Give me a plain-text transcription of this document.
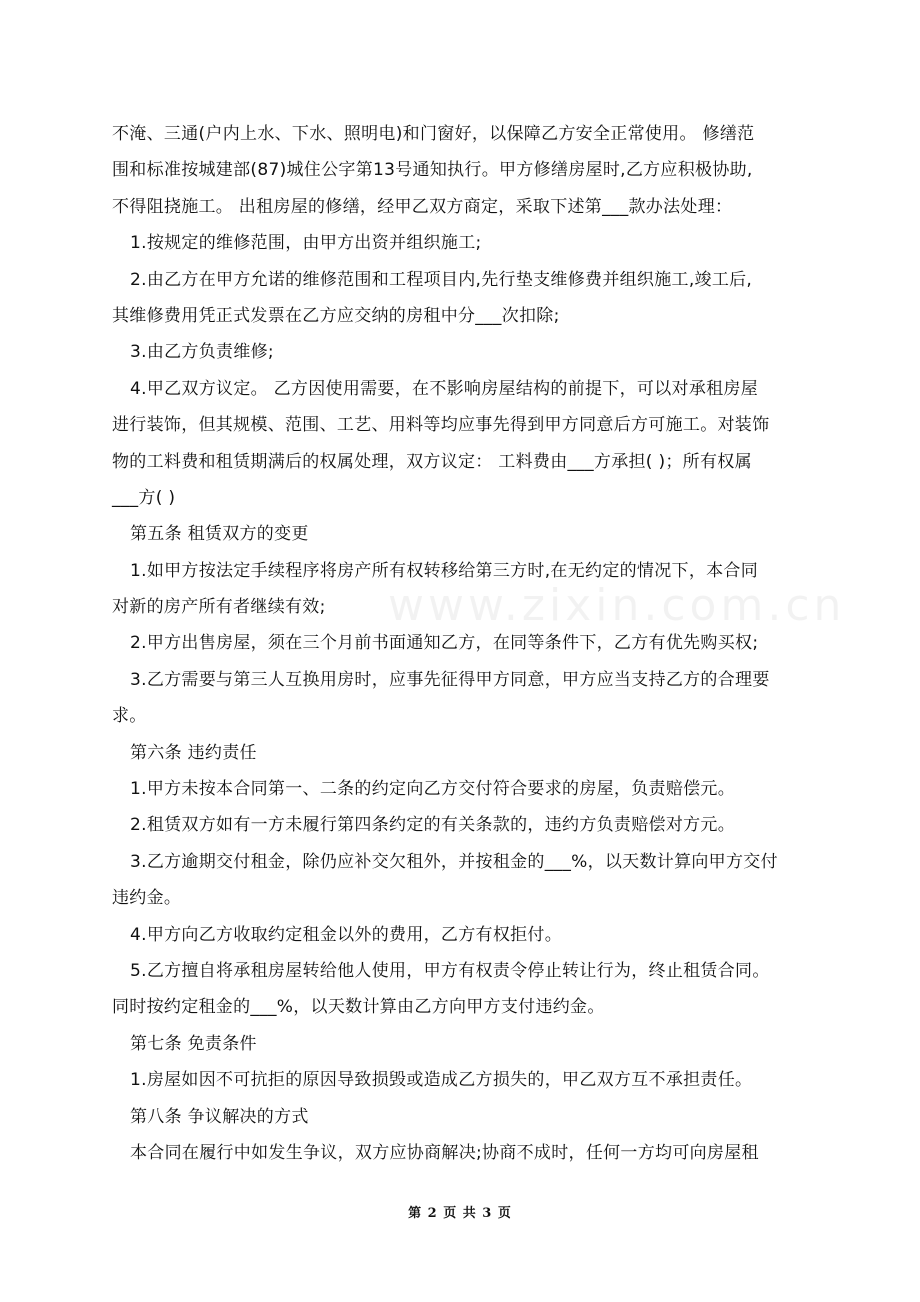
www.zixin.com.cn
不淹、三通(户内上水、下水、照明电)和门窗好，以保障乙方安全正常使用。 修缮范
围和标准按城建部(87)城住公字第13号通知执行。甲方修缮房屋时,乙方应积极协助,
不得阻挠施工。 出租房屋的修缮，经甲乙双方商定，采取下述第___款办法处理：
1.按规定的维修范围，由甲方出资并组织施工;
2.由乙方在甲方允诺的维修范围和工程项目内,先行垫支维修费并组织施工,竣工后,
其维修费用凭正式发票在乙方应交纳的房租中分___次扣除;
3.由乙方负责维修;
4.甲乙双方议定。 乙方因使用需要，在不影响房屋结构的前提下，可以对承租房屋
进行装饰，但其规模、范围、工艺、用料等均应事先得到甲方同意后方可施工。对装饰
物的工料费和租赁期满后的权属处理，双方议定： 工料费由___方承担( )；所有权属
___方( )
第五条 租赁双方的变更
1.如甲方按法定手续程序将房产所有权转移给第三方时,在无约定的情况下，本合同
对新的房产所有者继续有效;
2.甲方出售房屋，须在三个月前书面通知乙方，在同等条件下，乙方有优先购买权;
3.乙方需要与第三人互换用房时，应事先征得甲方同意，甲方应当支持乙方的合理要
求。
第六条 违约责任
1.甲方未按本合同第一、二条的约定向乙方交付符合要求的房屋，负责赔偿元。
2.租赁双方如有一方未履行第四条约定的有关条款的，违约方负责赔偿对方元。
3.乙方逾期交付租金，除仍应补交欠租外，并按租金的___%，以天数计算向甲方交付
违约金。
4.甲方向乙方收取约定租金以外的费用，乙方有权拒付。
5.乙方擅自将承租房屋转给他人使用，甲方有权责令停止转让行为，终止租赁合同。
同时按约定租金的___%，以天数计算由乙方向甲方支付违约金。
第七条 免责条件
1.房屋如因不可抗拒的原因导致损毁或造成乙方损失的，甲乙双方互不承担责任。
第八条 争议解决的方式
本合同在履行中如发生争议，双方应协商解决;协商不成时，任何一方均可向房屋租
第 2 页 共 3 页
